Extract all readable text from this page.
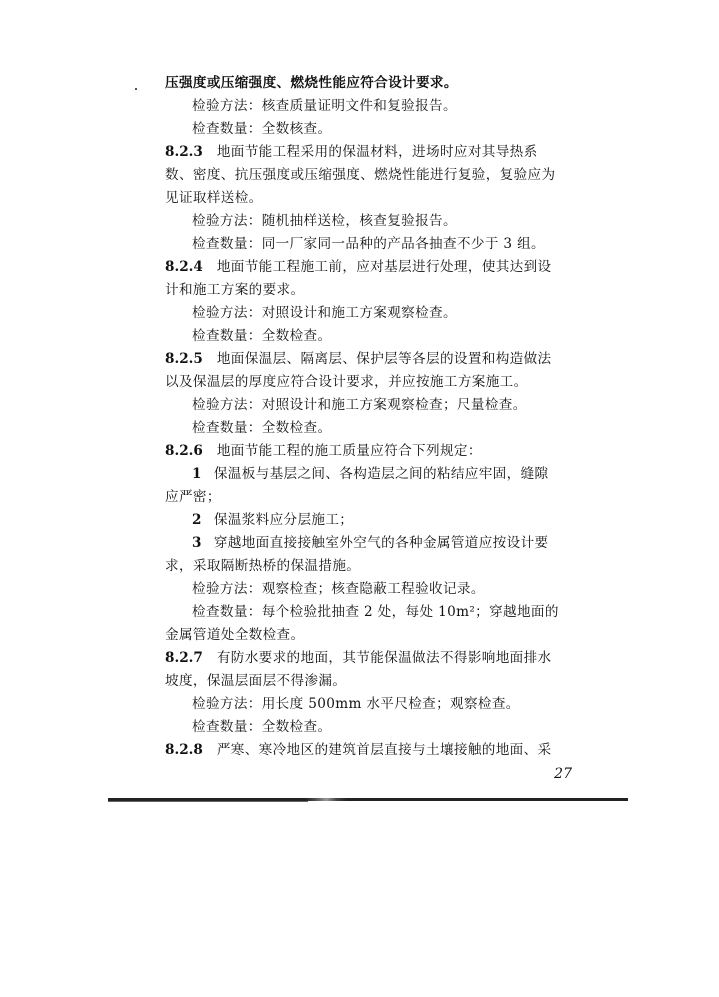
压强度或压缩强度、燃烧性能应符合设计要求。
检验方法：核查质量证明文件和复验报告。
检查数量：全数核查。
8.2.3 地面节能工程采用的保温材料，进场时应对其导热系
数、密度、抗压强度或压缩强度、燃烧性能进行复验，复验应为
见证取样送检。
检验方法：随机抽样送检，核查复验报告。
检查数量：同一厂家同一品种的产品各抽查不少于 3 组。
8.2.4 地面节能工程施工前，应对基层进行处理，使其达到设
计和施工方案的要求。
检验方法：对照设计和施工方案观察检查。
检查数量：全数检查。
8.2.5 地面保温层、隔离层、保护层等各层的设置和构造做法
以及保温层的厚度应符合设计要求，并应按施工方案施工。
检验方法：对照设计和施工方案观察检查；尺量检查。
检查数量：全数检查。
8.2.6 地面节能工程的施工质量应符合下列规定：
1 保温板与基层之间、各构造层之间的粘结应牢固，缝隙
应严密；
2 保温浆料应分层施工；
3 穿越地面直接接触室外空气的各种金属管道应按设计要
求，采取隔断热桥的保温措施。
检验方法：观察检查；核查隐蔽工程验收记录。
检查数量：每个检验批抽查 2 处，每处 10m²；穿越地面的
金属管道处全数检查。
8.2.7 有防水要求的地面，其节能保温做法不得影响地面排水
坡度，保温层面层不得渗漏。
检验方法：用长度 500mm 水平尺检查；观察检查。
检查数量：全数检查。
8.2.8 严寒、寒冷地区的建筑首层直接与土壤接触的地面、采
27
